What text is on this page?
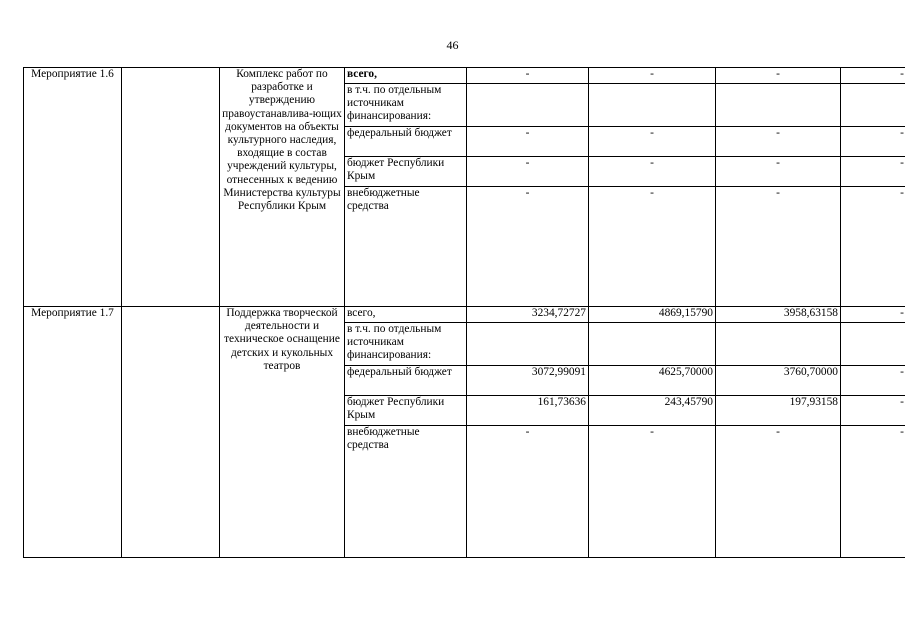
46
Мероприятие 1.6		Комплекс работ по разработке и утверждению правоустанавлива-ющих документов на объекты культурного наследия, входящие в состав учреждений культуры, отнесенных к ведению Министерства культуры Республики Крым	всего,	-	-	-	-
			в т.ч. по отдельным источникам финансирования:				
			федеральный бюджет	-	-	-	-
			бюджет Республики Крым	-	-	-	-
			внебюджетные средства	-	-	-	-
Мероприятие 1.7		Поддержка творческой деятельности и техническое оснащение детских и кукольных театров	всего,	3234,72727	4869,15790	3958,63158	-
			в т.ч. по отдельным источникам финансирования:				
			федеральный бюджет	3072,99091	4625,70000	3760,70000	-
			бюджет Республики Крым	161,73636	243,45790	197,93158	-
			внебюджетные средства	-	-	-	-
